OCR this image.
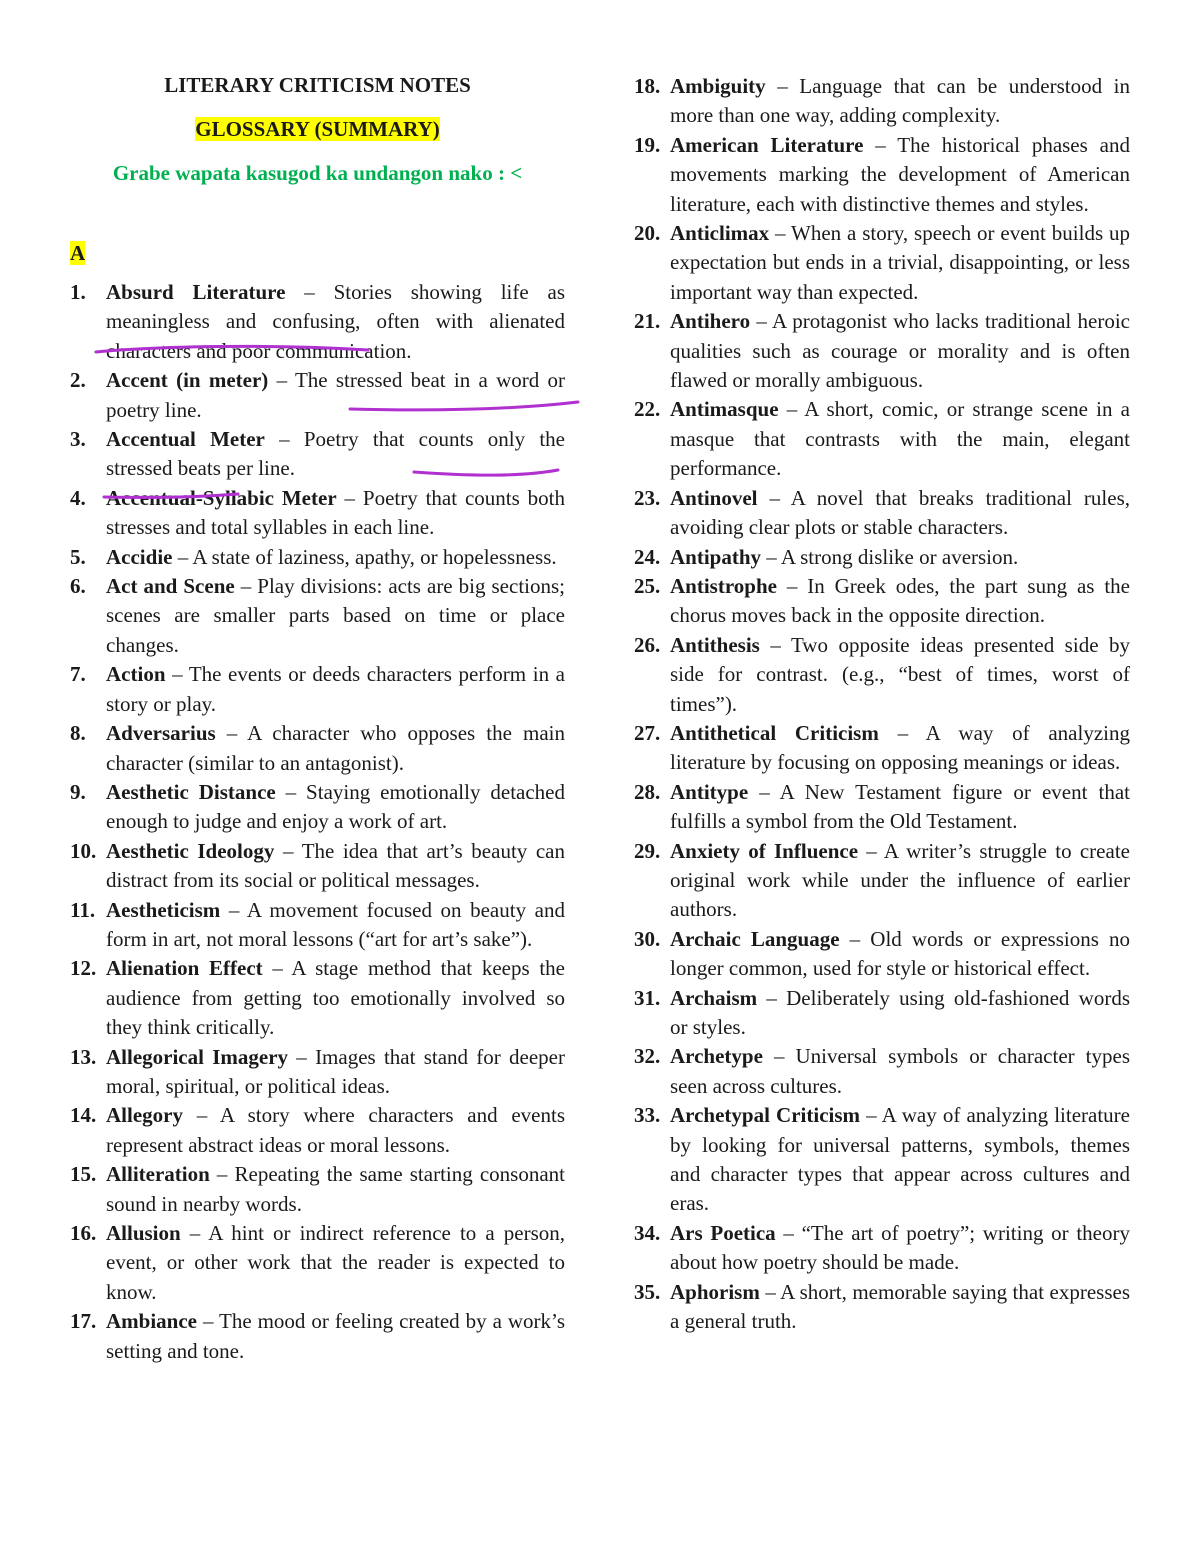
LITERARY CRITICISM NOTES
GLOSSARY (SUMMARY)
Grabe wapata kasugod ka undangon nako : <
A
1. Absurd Literature – Stories showing life as meaningless and confusing, often with alienated characters and poor communication.
2. Accent (in meter) – The stressed beat in a word or poetry line.
3. Accentual Meter – Poetry that counts only the stressed beats per line.
4. Accentual-Syllabic Meter – Poetry that counts both stresses and total syllables in each line.
5. Accidie – A state of laziness, apathy, or hopelessness.
6. Act and Scene – Play divisions: acts are big sections; scenes are smaller parts based on time or place changes.
7. Action – The events or deeds characters perform in a story or play.
8. Adversarius – A character who opposes the main character (similar to an antagonist).
9. Aesthetic Distance – Staying emotionally detached enough to judge and enjoy a work of art.
10. Aesthetic Ideology – The idea that art’s beauty can distract from its social or political messages.
11. Aestheticism – A movement focused on beauty and form in art, not moral lessons (“art for art’s sake”).
12. Alienation Effect – A stage method that keeps the audience from getting too emotionally involved so they think critically.
13. Allegorical Imagery – Images that stand for deeper moral, spiritual, or political ideas.
14. Allegory – A story where characters and events represent abstract ideas or moral lessons.
15. Alliteration – Repeating the same starting consonant sound in nearby words.
16. Allusion – A hint or indirect reference to a person, event, or other work that the reader is expected to know.
17. Ambiance – The mood or feeling created by a work’s setting and tone.
18. Ambiguity – Language that can be understood in more than one way, adding complexity.
19. American Literature – The historical phases and movements marking the development of American literature, each with distinctive themes and styles.
20. Anticlimax – When a story, speech or event builds up expectation but ends in a trivial, disappointing, or less important way than expected.
21. Antihero – A protagonist who lacks traditional heroic qualities such as courage or morality and is often flawed or morally ambiguous.
22. Antimasque – A short, comic, or strange scene in a masque that contrasts with the main, elegant performance.
23. Antinovel – A novel that breaks traditional rules, avoiding clear plots or stable characters.
24. Antipathy – A strong dislike or aversion.
25. Antistrophe – In Greek odes, the part sung as the chorus moves back in the opposite direction.
26. Antithesis – Two opposite ideas presented side by side for contrast. (e.g., “best of times, worst of times”).
27. Antithetical Criticism – A way of analyzing literature by focusing on opposing meanings or ideas.
28. Antitype – A New Testament figure or event that fulfills a symbol from the Old Testament.
29. Anxiety of Influence – A writer’s struggle to create original work while under the influence of earlier authors.
30. Archaic Language – Old words or expressions no longer common, used for style or historical effect.
31. Archaism – Deliberately using old-fashioned words or styles.
32. Archetype – Universal symbols or character types seen across cultures.
33. Archetypal Criticism – A way of analyzing literature by looking for universal patterns, symbols, themes and character types that appear across cultures and eras.
34. Ars Poetica – “The art of poetry”; writing or theory about how poetry should be made.
35. Aphorism – A short, memorable saying that expresses a general truth.
